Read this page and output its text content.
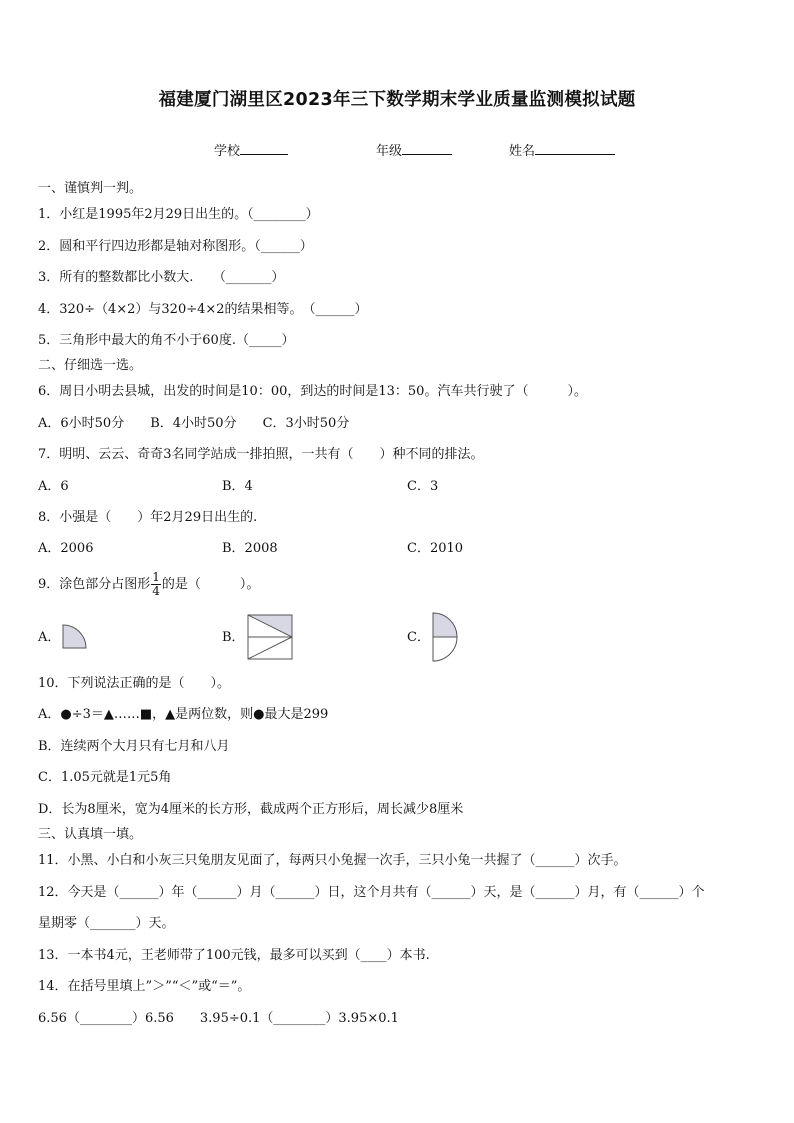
福建厦门湖里区2023年三下数学期末学业质量监测模拟试题
学校	年级	姓名
一、谨慎判一判。
1．小红是1995年2月29日出生的。（________）
2．圆和平行四边形都是轴对称图形。（______）
3．所有的整数都比小数大.　　（_______）
4．320÷（4×2）与320÷4×2的结果相等。　（______）
5．三角形中最大的角不小于60度.（_____）
二、仔细选一选。
6．周日小明去县城，出发的时间是10：00，到达的时间是13：50。汽车共行驶了（　　　）。
A．6小时50分　　B．4小时50分　　C．3小时50分
7．明明、云云、奇奇3名同学站成一排拍照，一共有（　　）种不同的排法。
A．6	B．4	C．3
8．小强是（　　）年2月29日出生的.
A．2006	B．2008	C．2010
9．涂色部分占图形 $\frac{1}{4}$ 的是（　　　）。
A．	B．	C．
10．下列说法正确的是（　　）。
A．●÷3＝▲……■，▲是两位数，则●最大是299
B．连续两个大月只有七月和八月
C．1.05元就是1元5角
D．长为8厘米，宽为4厘米的长方形，截成两个正方形后，周长减少8厘米
三、认真填一填。
11．小黑、小白和小灰三只兔朋友见面了，每两只小兔握一次手，三只小兔一共握了（______）次手。
12．今天是（______）年（______）月（______）日，这个月共有（______）天，是（______）月，有（______）个
星期零（_______）天。
13．一本书4元，王老师带了100元钱，最多可以买到（____）本书.
14．在括号里填上”＞”“＜”或“＝”。
6.56（________）6.56　　3.95÷0.1（________）3.95×0.1
